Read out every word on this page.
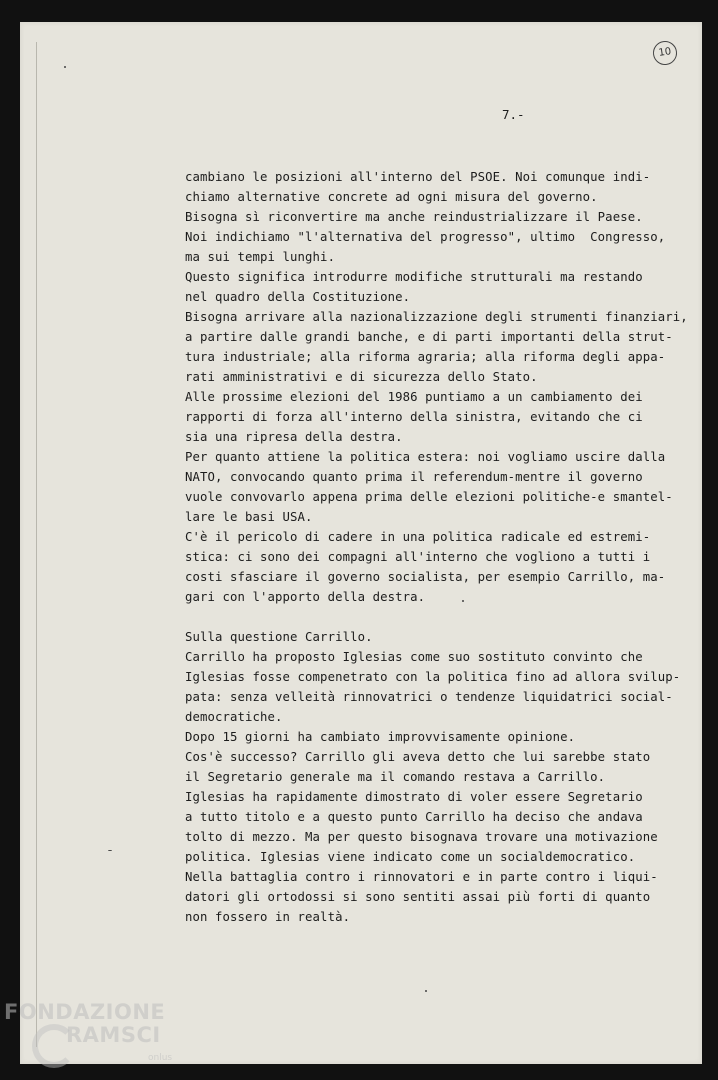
10
7.-
cambiano le posizioni all'interno del PSOE. Noi comunque indi-
chiamo alternative concrete ad ogni misura del governo.
Bisogna sì riconvertire ma anche reindustrializzare il Paese.
Noi indichiamo "l'alternativa del progresso", ultimo  Congresso,
ma sui tempi lunghi.
Questo significa introdurre modifiche strutturali ma restando
nel quadro della Costituzione.
Bisogna arrivare alla nazionalizzazione degli strumenti finanziari,
a partire dalle grandi banche, e di parti importanti della strut-
tura industriale; alla riforma agraria; alla riforma degli appa-
rati amministrativi e di sicurezza dello Stato.
Alle prossime elezioni del 1986 puntiamo a un cambiamento dei
rapporti di forza all'interno della sinistra, evitando che ci
sia una ripresa della destra.
Per quanto attiene la politica estera: noi vogliamo uscire dalla
NATO, convocando quanto prima il referendum-mentre il governo
vuole convovarlo appena prima delle elezioni politiche-e smantel-
lare le basi USA.
C'è il pericolo di cadere in una politica radicale ed estremi-
stica: ci sono dei compagni all'interno che vogliono a tutti i
costi sfasciare il governo socialista, per esempio Carrillo, ma-
gari con l'apporto della destra.
Sulla questione Carrillo.
Carrillo ha proposto Iglesias come suo sostituto convinto che
Iglesias fosse compenetrato con la politica fino ad allora svilup-
pata: senza velleità rinnovatrici o tendenze liquidatrici social-
democratiche.
Dopo 15 giorni ha cambiato improvvisamente opinione.
Cos'è successo? Carrillo gli aveva detto che lui sarebbe stato
il Segretario generale ma il comando restava a Carrillo.
Iglesias ha rapidamente dimostrato di voler essere Segretario
a tutto titolo e a questo punto Carrillo ha deciso che andava
tolto di mezzo. Ma per questo bisognava trovare una motivazione
politica. Iglesias viene indicato come un socialdemocratico.
Nella battaglia contro i rinnovatori e in parte contro i liqui-
datori gli ortodossi si sono sentiti assai più forti di quanto
non fossero in realtà.
FONDAZIONE
RAMSCI
onlus
